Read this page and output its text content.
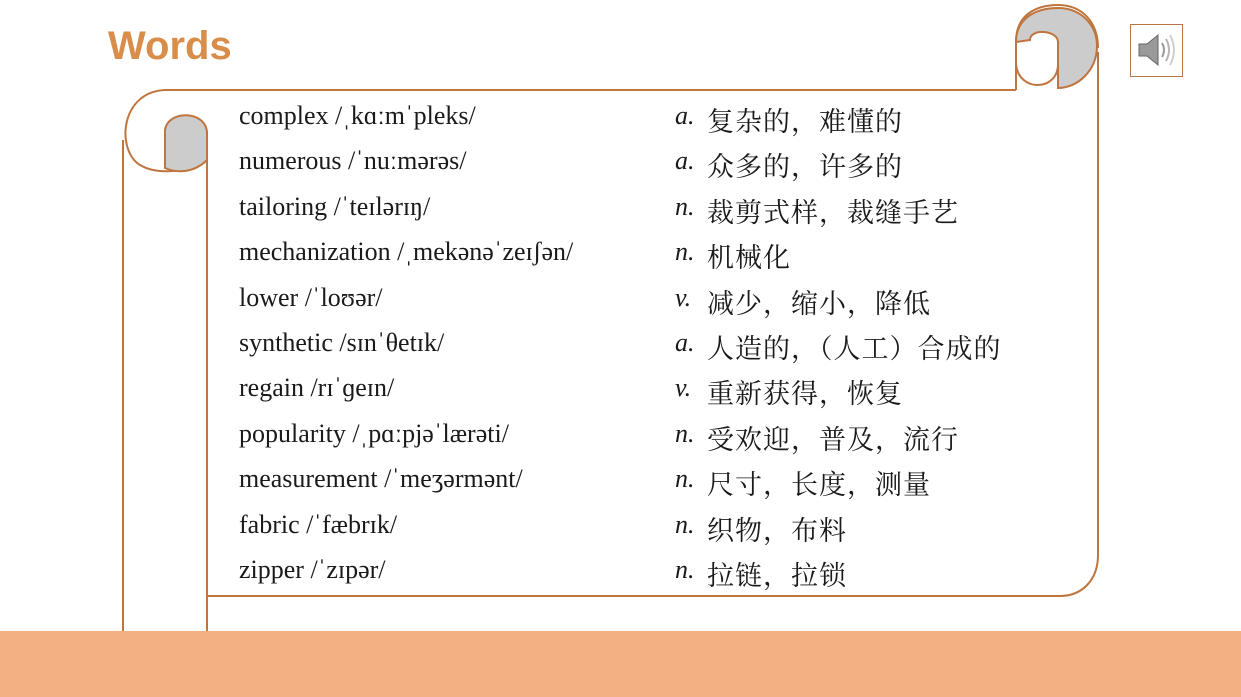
Words
complex /ˌkɑːmˈpleks/	a. 复杂的，难懂的
numerous /ˈnuːmərəs/	a. 众多的，许多的
tailoring /ˈteɪlərɪŋ/	n. 裁剪式样，裁缝手艺
mechanization /ˌmekənəˈzeɪʃən/	n. 机械化
lower /ˈloʊər/	v. 减少，缩小，降低
synthetic /sɪnˈθetɪk/	a. 人造的，（人工）合成的
regain /rɪˈɡeɪn/	v. 重新获得，恢复
popularity /ˌpɑːpjəˈlærəti/	n. 受欢迎，普及，流行
measurement /ˈmeʒərmənt/	n. 尺寸，长度，测量
fabric /ˈfæbrɪk/	n. 织物，布料
zipper /ˈzɪpər/	n. 拉链，拉锁
